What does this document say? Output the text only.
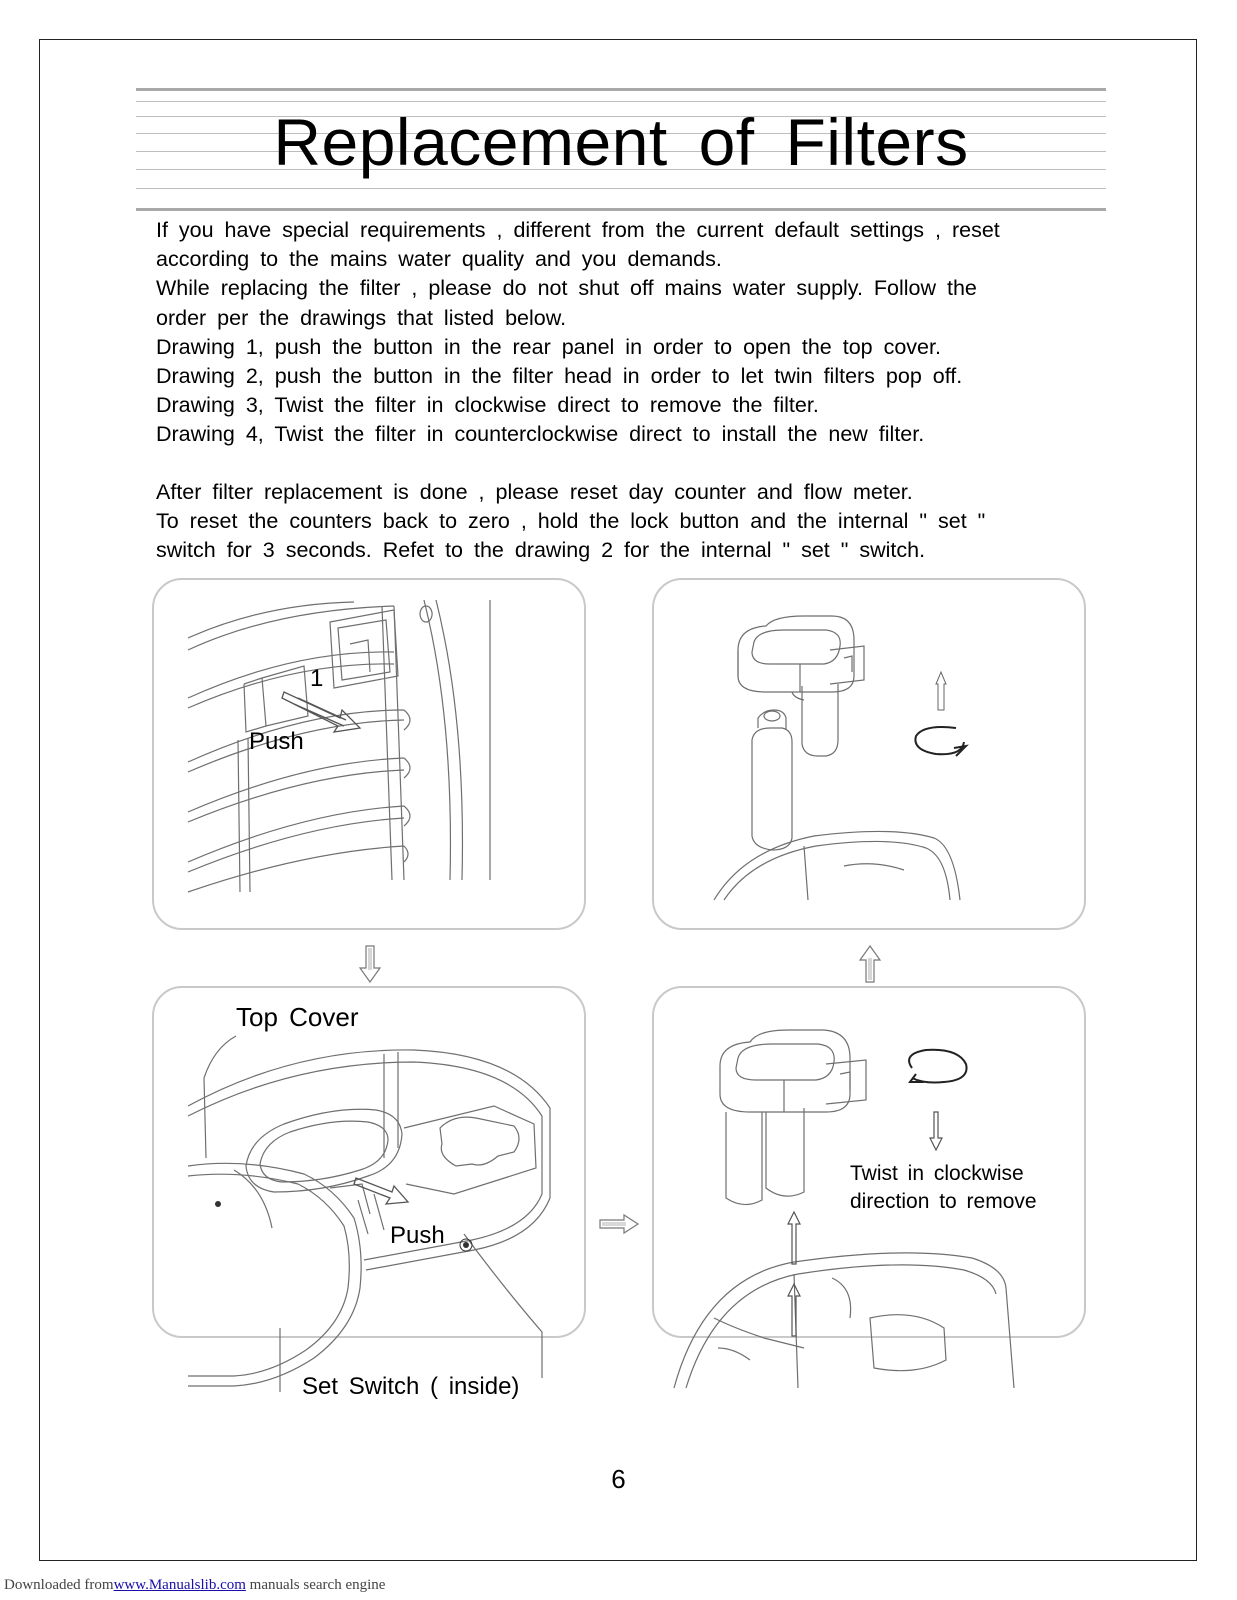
Replacement of Filters

If you have special requirements , different from the current default settings , reset

according to the mains water quality and you demands.

While replacing the filter , please do not shut off mains water supply. Follow the

order per the drawings that listed below.

Drawing 1, push the button in the rear panel in order to open the top cover.

Drawing 2, push the button in the filter head in order to let twin filters pop off.

Drawing 3, Twist the filter in clockwise direct to remove the filter.

Drawing 4, Twist the filter in counterclockwise direct to install the new filter.

After filter replacement is done , please reset day counter and flow meter.

To reset the counters back to zero , hold the lock button and the internal " set "

switch for 3 seconds. Refet to the drawing 2 for the internal " set " switch.

1
Push
Top Cover
Push
Set Switch ( inside)
Twist in clockwise
direction to remove
6
Downloaded fromwww.Manualslib.com manuals search engine
